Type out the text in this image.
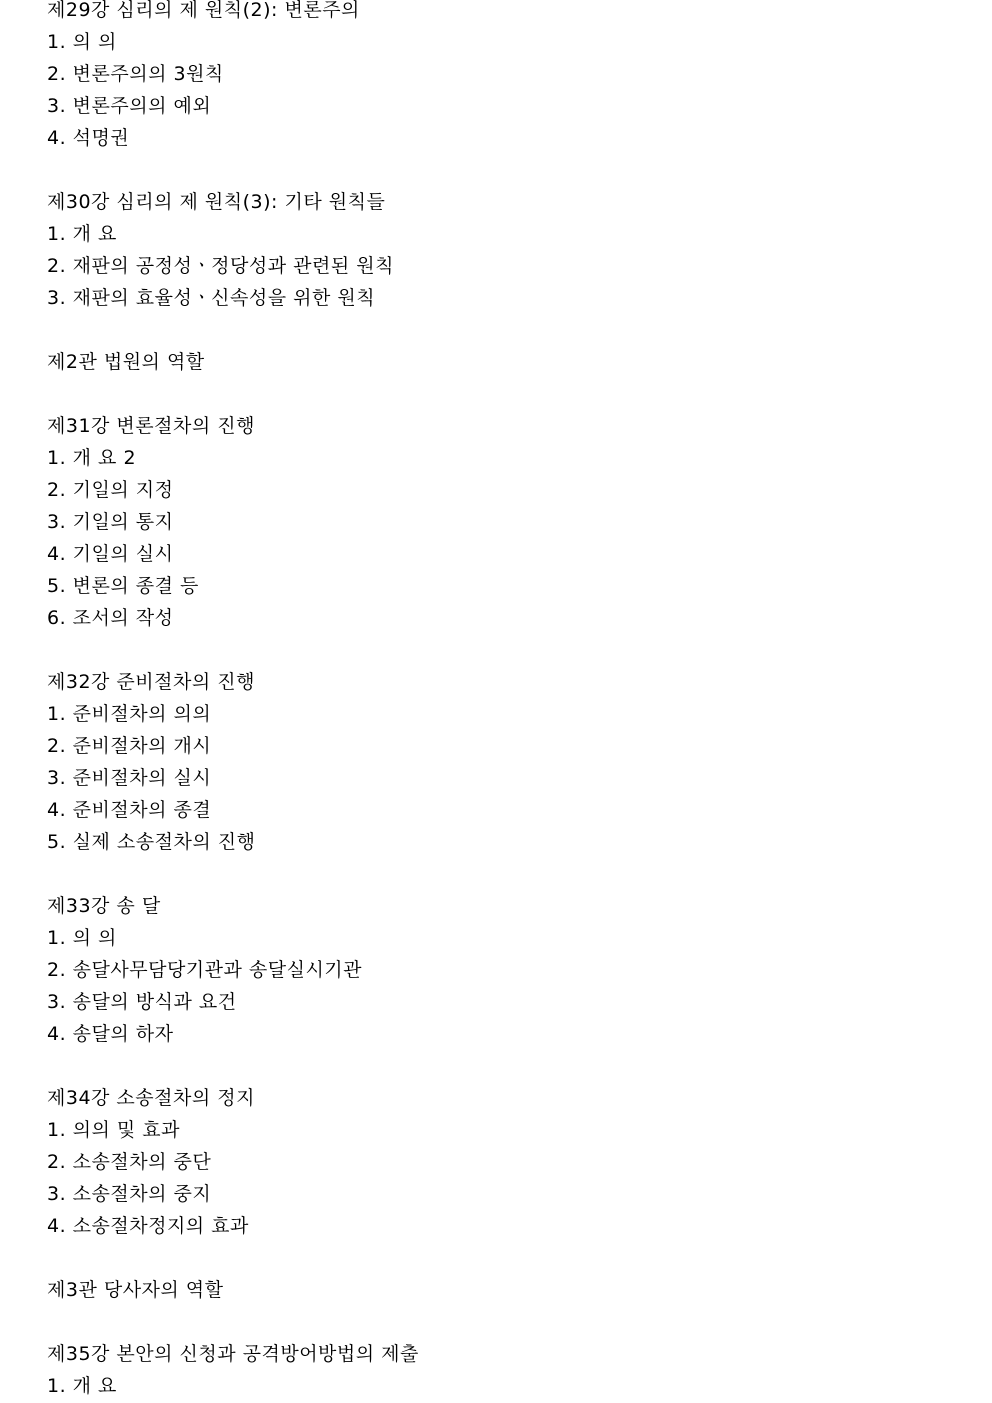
제29강 심리의 제 원칙(2): 변론주의
1. 의 의
2. 변론주의의 3원칙
3. 변론주의의 예외
4. 석명권
제30강 심리의 제 원칙(3): 기타 원칙들
1. 개 요
2. 재판의 공정성ㆍ정당성과 관련된 원칙
3. 재판의 효율성ㆍ신속성을 위한 원칙
제2관 법원의 역할
제31강 변론절차의 진행
1. 개 요 2
2. 기일의 지정
3. 기일의 통지
4. 기일의 실시
5. 변론의 종결 등
6. 조서의 작성
제32강 준비절차의 진행
1. 준비절차의 의의
2. 준비절차의 개시
3. 준비절차의 실시
4. 준비절차의 종결
5. 실제 소송절차의 진행
제33강 송 달
1. 의 의
2. 송달사무담당기관과 송달실시기관
3. 송달의 방식과 요건
4. 송달의 하자
제34강 소송절차의 정지
1. 의의 및 효과
2. 소송절차의 중단
3. 소송절차의 중지
4. 소송절차정지의 효과
제3관 당사자의 역할
제35강 본안의 신청과 공격방어방법의 제출
1. 개 요
